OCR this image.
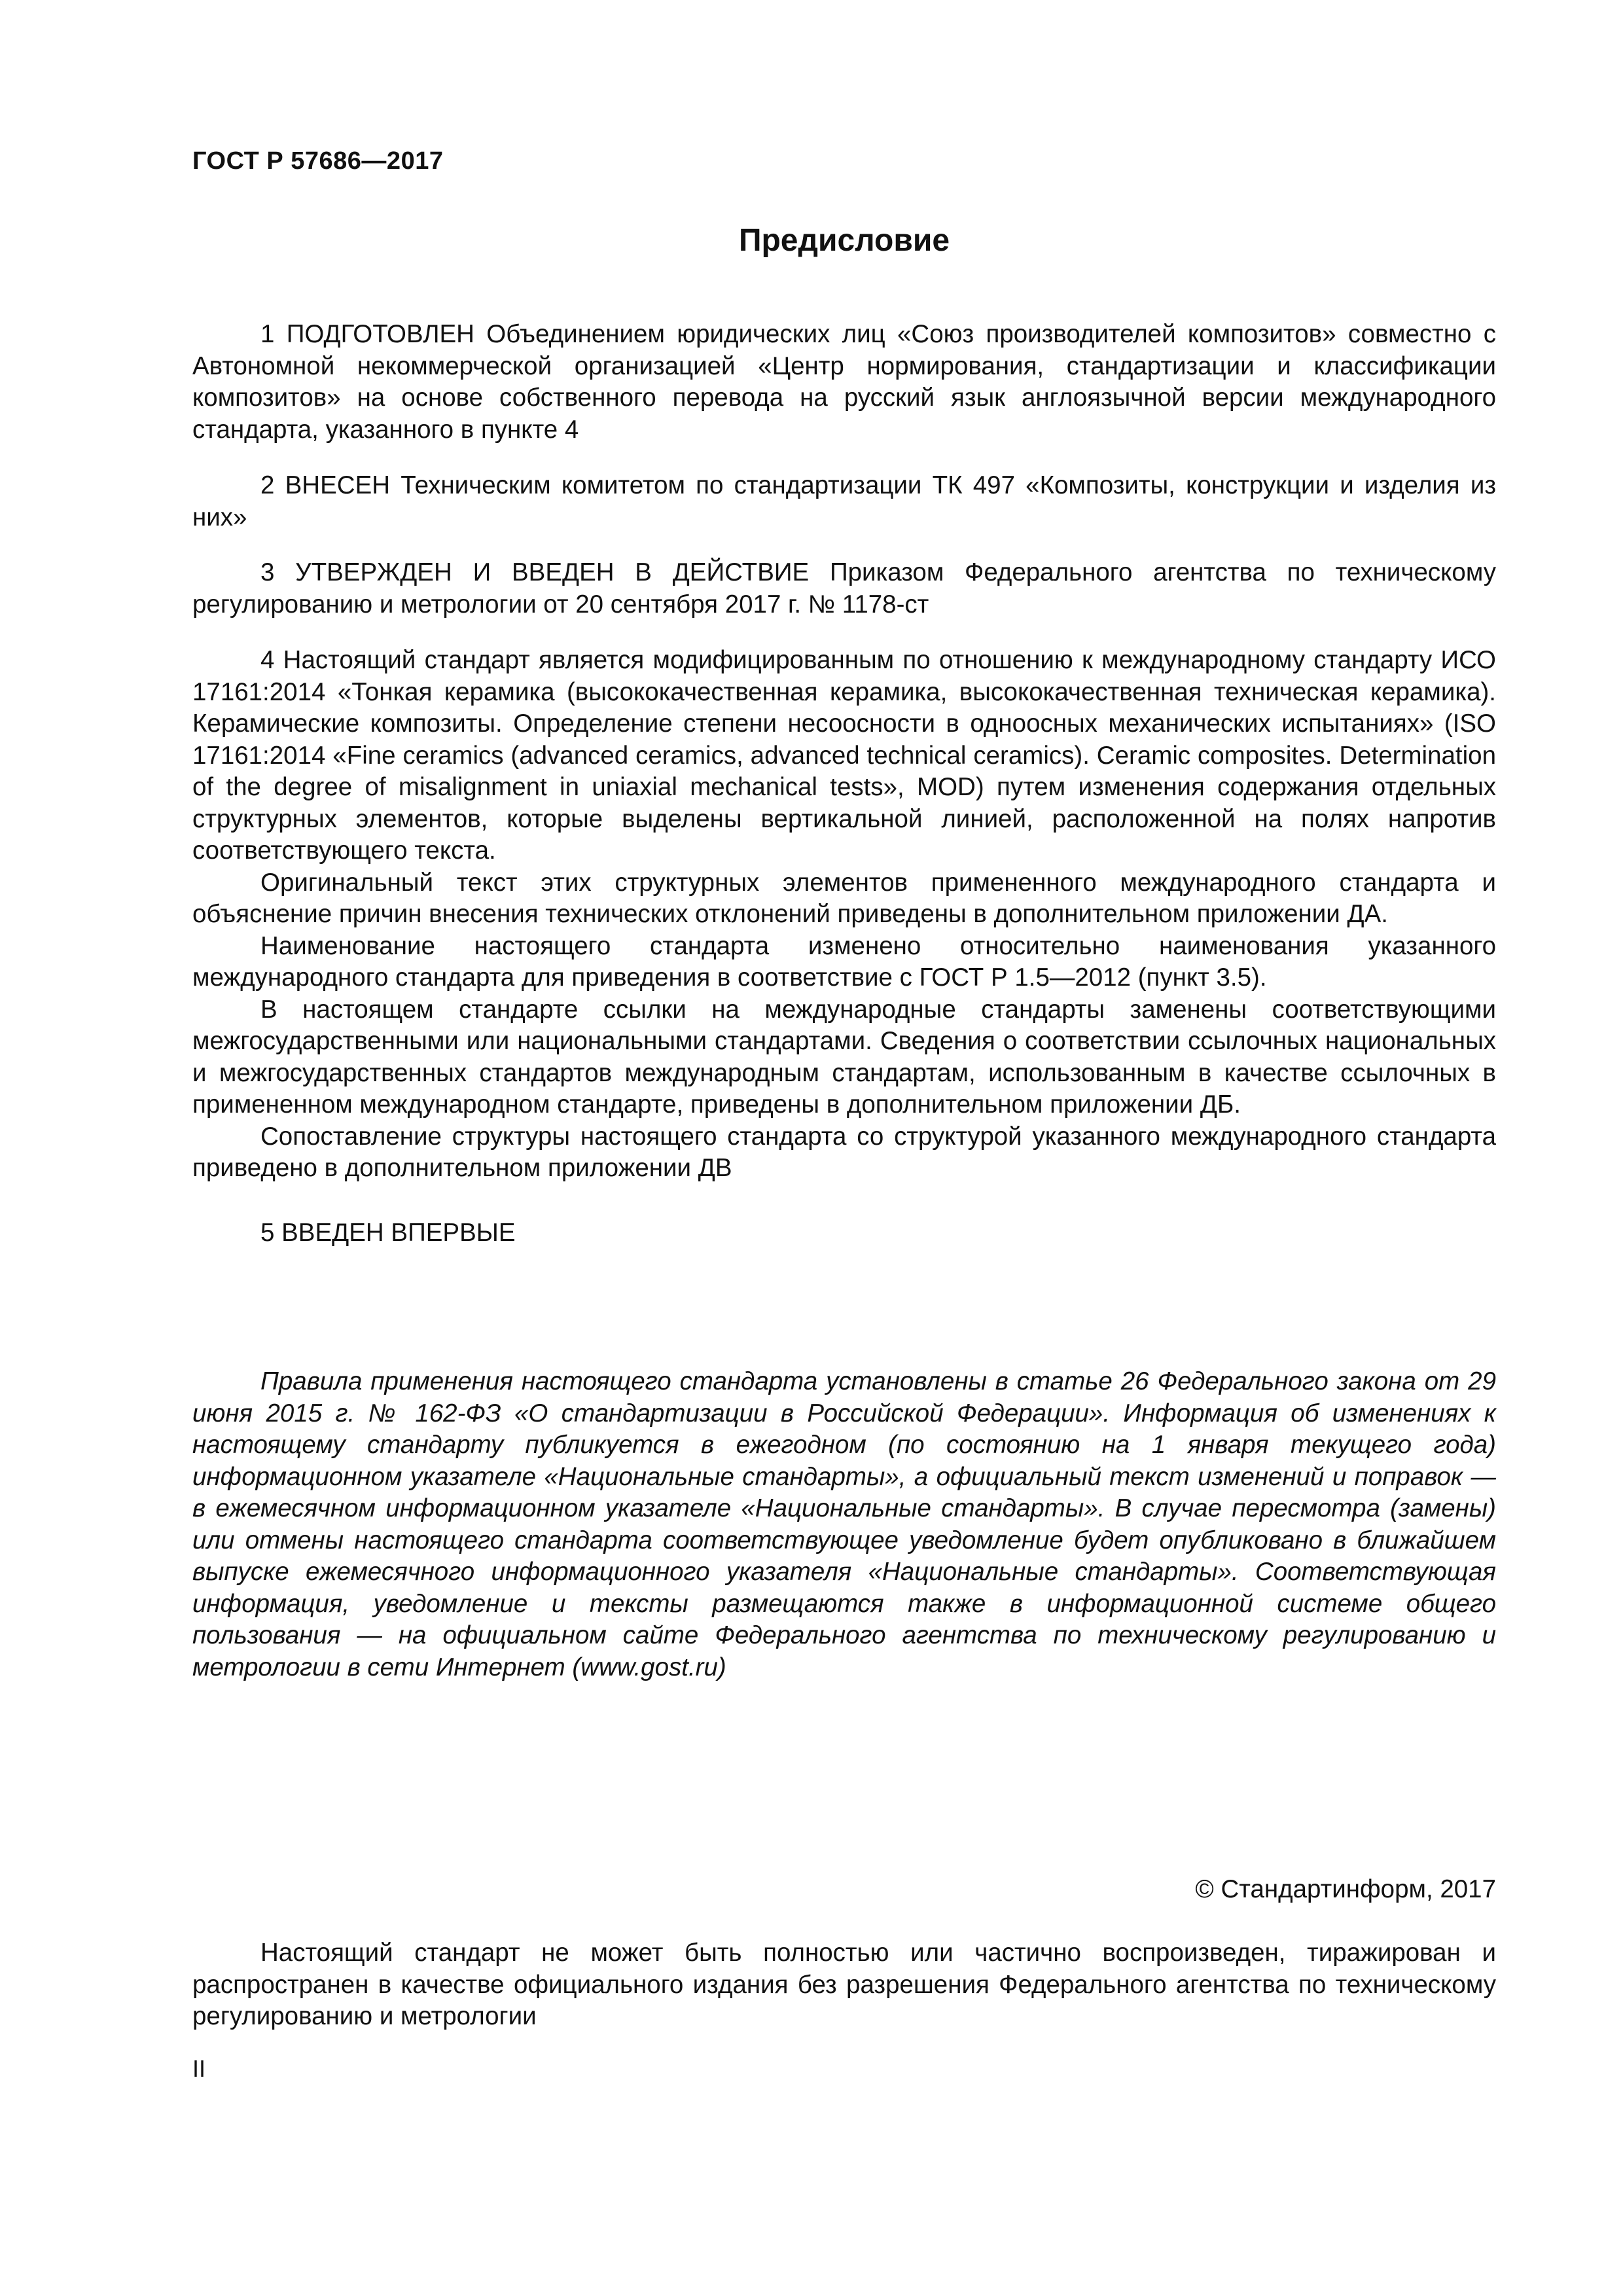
ГОСТ Р 57686—2017
Предисловие

1 ПОДГОТОВЛЕН Объединением юридических лиц «Союз производителей композитов» совместно с Автономной некоммерческой организацией «Центр нормирования, стандартизации и классификации композитов» на основе собственного перевода на русский язык англоязычной версии международного стандарта, указанного в пункте 4

2 ВНЕСЕН Техническим комитетом по стандартизации ТК 497 «Композиты, конструкции и изделия из них»

3 УТВЕРЖДЕН И ВВЕДЕН В ДЕЙСТВИЕ Приказом Федерального агентства по техническому регулированию и метрологии от 20 сентября 2017 г. № 1178-ст

4 Настоящий стандарт является модифицированным по отношению к международному стандарту ИСО 17161:2014 «Тонкая керамика (высококачественная керамика, высококачественная техническая керамика). Керамические композиты. Определение степени несоосности в одноосных механических испытаниях» (ISO 17161:2014 «Fine ceramics (advanced ceramics, advanced technical ceramics). Ceramic composites. Determination of the degree of misalignment in uniaxial mechanical tests», MOD) путем изменения содержания отдельных структурных элементов, которые выделены вертикальной линией, расположенной на полях напротив соответствующего текста.

Оригинальный текст этих структурных элементов примененного международного стандарта и объяснение причин внесения технических отклонений приведены в дополнительном приложении ДА.

Наименование настоящего стандарта изменено относительно наименования указанного международного стандарта для приведения в соответствие с ГОСТ Р 1.5—2012 (пункт 3.5).

В настоящем стандарте ссылки на международные стандарты заменены соответствующими межгосударственными или национальными стандартами. Сведения о соответствии ссылочных национальных и межгосударственных стандартов международным стандартам, использованным в качестве ссылочных в примененном международном стандарте, приведены в дополнительном приложении ДБ.

Сопоставление структуры настоящего стандарта со структурой указанного международного стандарта приведено в дополнительном приложении ДВ

5 ВВЕДЕН ВПЕРВЫЕ

Правила применения настоящего стандарта установлены в статье 26 Федерального закона от 29 июня 2015 г. № 162-ФЗ «О стандартизации в Российской Федерации». Информация об изменениях к настоящему стандарту публикуется в ежегодном (по состоянию на 1 января текущего года) информационном указателе «Национальные стандарты», а официальный текст изменений и поправок — в ежемесячном информационном указателе «Национальные стандарты». В случае пересмотра (замены) или отмены настоящего стандарта соответствующее уведомление будет опубликовано в ближайшем выпуске ежемесячного информационного указателя «Национальные стандарты». Соответствующая информация, уведомление и тексты размещаются также в информационной системе общего пользования — на официальном сайте Федерального агентства по техническому регулированию и метрологии в сети Интернет (www.gost.ru)

© Стандартинформ, 2017

Настоящий стандарт не может быть полностью или частично воспроизведен, тиражирован и распространен в качестве официального издания без разрешения Федерального агентства по техническому регулированию и метрологии

II
